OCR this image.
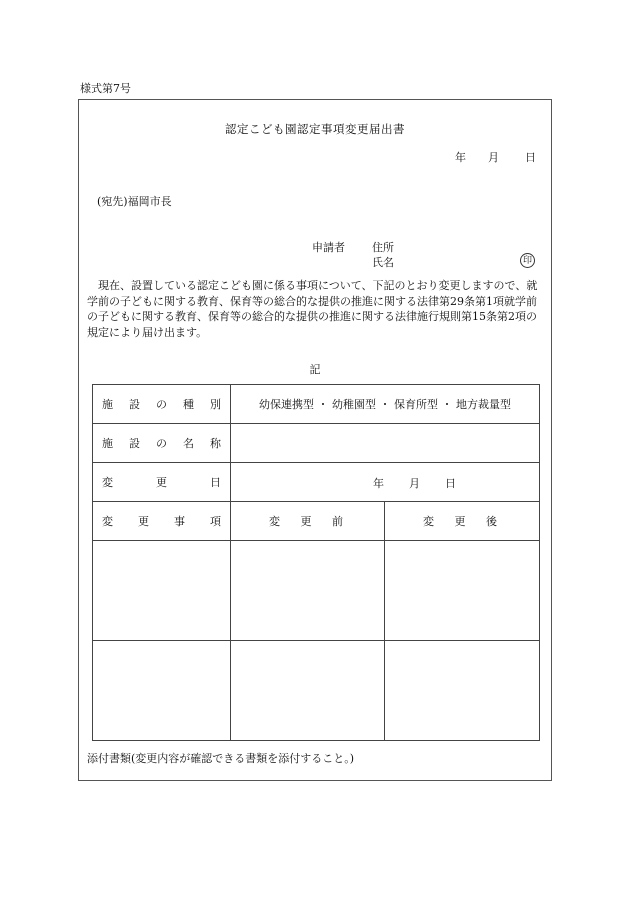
様式第7号
認定こども園認定事項変更届出書
年 月 日
(宛先)福岡市長
申請者 住所
氏名	印
現在、設置している認定こども園に係る事項について、下記のとおり変更しますので、就学前の子どもに関する教育、保育等の総合的な提供の推進に関する法律第29条第1項就学前の子どもに関する教育、保育等の総合的な提供の推進に関する法律施行規則第15条第2項の規定により届け出ます。
記
施設の種別	幼保連携型 ・ 幼稚園型 ・ 保育所型 ・ 地方裁量型	
施設の名称		
変更日	年 月 日	

変更事項	変更前	変更後

添付書類(変更内容が確認できる書類を添付すること。)
